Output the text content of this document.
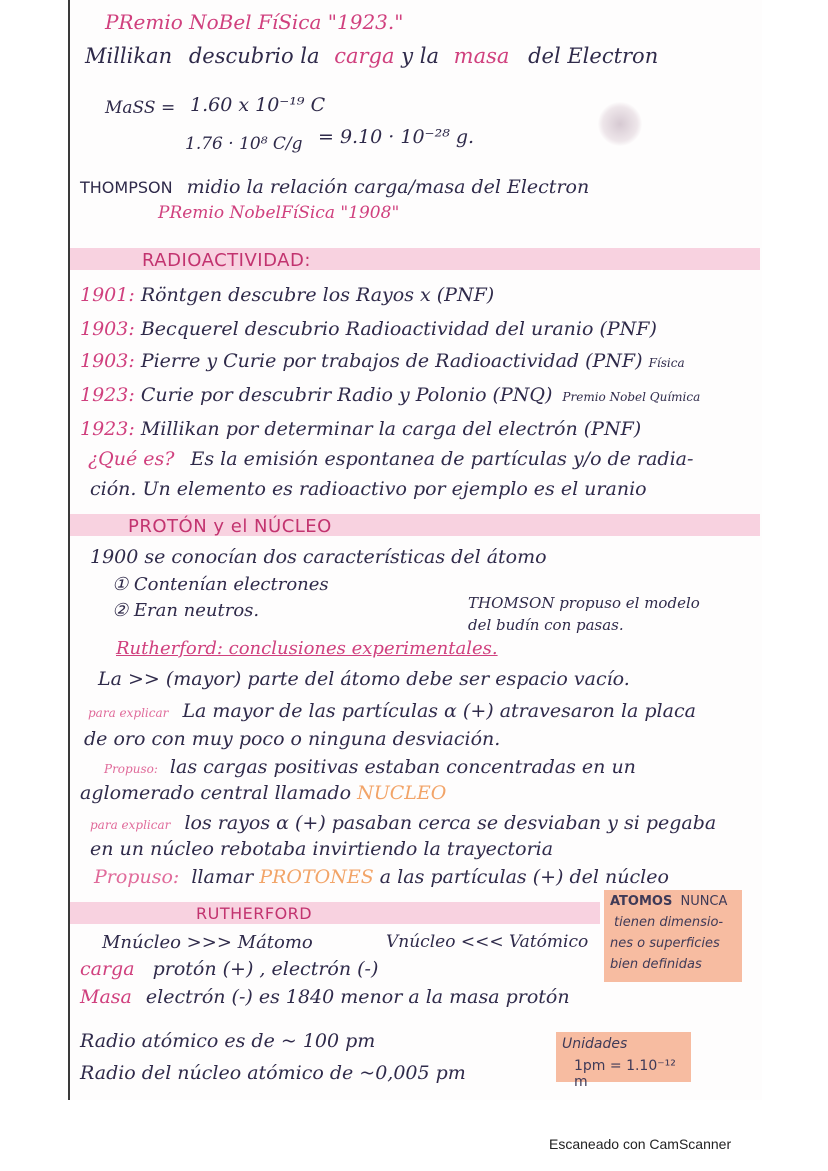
PRemio NoBel FíSica "1923."
Millikan descubrio la carga y la masa del Electron
MaSS = 1.60 x 10⁻¹⁹ C
1.76 · 10⁸ C/g = 9.10 · 10⁻²⁸ g.
THOMPSON midio la relación carga/masa del Electron
PRemio NobelFíSica "1908"
RADIOACTIVIDAD:
1901: Röntgen descubre los Rayos x (PNF)
1903: Becquerel descubrio Radioactividad del uranio (PNF)
1903: Pierre y Curie por trabajos de Radioactividad (PNF) Física
1923: Curie por descubrir Radio y Polonio (PNQ) Premio Nobel Química
1923: Millikan por determinar la carga del electrón (PNF)
¿Qué es? Es la emisión espontanea de partículas y/o de radia-
ción. Un elemento es radioactivo por ejemplo es el uranio
PROTÓN y el NÚCLEO
1900 se conocían dos características del átomo
① Contenían electrones
② Eran neutros.	THOMSON propuso el modelo
del budín con pasas.
Rutherford: conclusiones experimentales.
La >> (mayor) parte del átomo debe ser espacio vacío.
para explicar La mayor de las partículas α (+) atravesaron la placa
de oro con muy poco o ninguna desviación.
Propuso: las cargas positivas estaban concentradas en un
aglomerado central llamado NUCLEO
para explicar los rayos α (+) pasaban cerca se desviaban y si pegaba
en un núcleo rebotaba invirtiendo la trayectoria
Propuso: llamar PROTONES a las partículas (+) del núcleo
RUTHERFORD
Mnúcleo >>> Mátomo	Vnúcleo <<< Vatómico
carga protón (+) , electrón (-)
Masa electrón (-) es 1840 menor a la masa protón
Radio atómico es de ~ 100 pm
Radio del núcleo atómico de ~0,005 pm
ATOMOS NUNCA
tienen dimensio-
nes o superficies
bien definidas
Unidades
1pm = 1.10⁻¹² m
Escaneado con CamScanner
